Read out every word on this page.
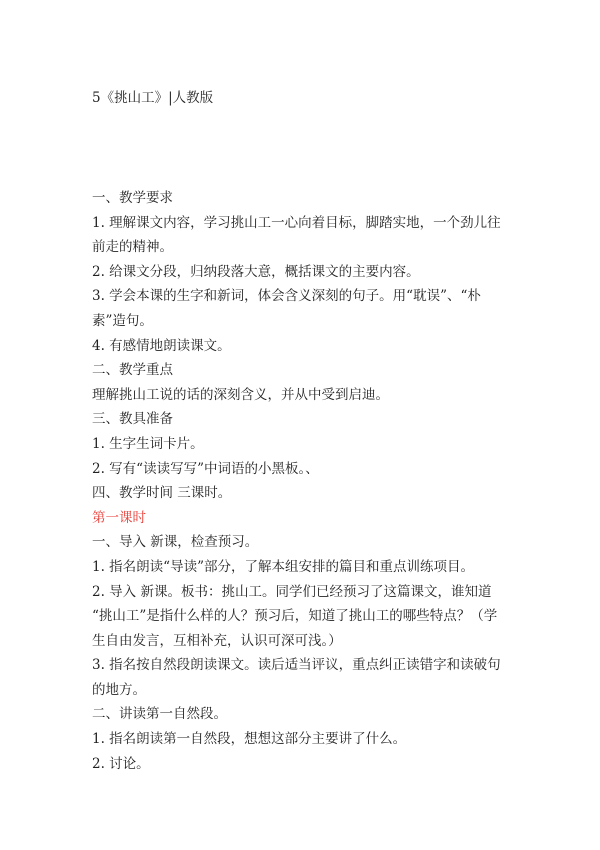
5《挑山工》|人教版
一、教学要求
1. 理解课文内容，学习挑山工一心向着目标，脚踏实地，一个劲儿往
前走的精神。
2. 给课文分段，归纳段落大意，概括课文的主要内容。
3. 学会本课的生字和新词，体会含义深刻的句子。用“耽误”、“朴
素”造句。
4. 有感情地朗读课文。
二、教学重点
理解挑山工说的话的深刻含义，并从中受到启迪。
三、教具准备
1. 生字生词卡片。
2. 写有“读读写写”中词语的小黑板。、
四、教学时间 三课时。
第一课时
一、导入 新课，检查预习。
1. 指名朗读“导读”部分，了解本组安排的篇目和重点训练项目。
2. 导入 新课。板书：挑山工。同学们已经预习了这篇课文，谁知道
“挑山工”是指什么样的人？预习后，知道了挑山工的哪些特点？（学
生自由发言，互相补充，认识可深可浅。）
3. 指名按自然段朗读课文。读后适当评议，重点纠正读错字和读破句
的地方。
二、讲读第一自然段。
1. 指名朗读第一自然段，想想这部分主要讲了什么。
2. 讨论。
